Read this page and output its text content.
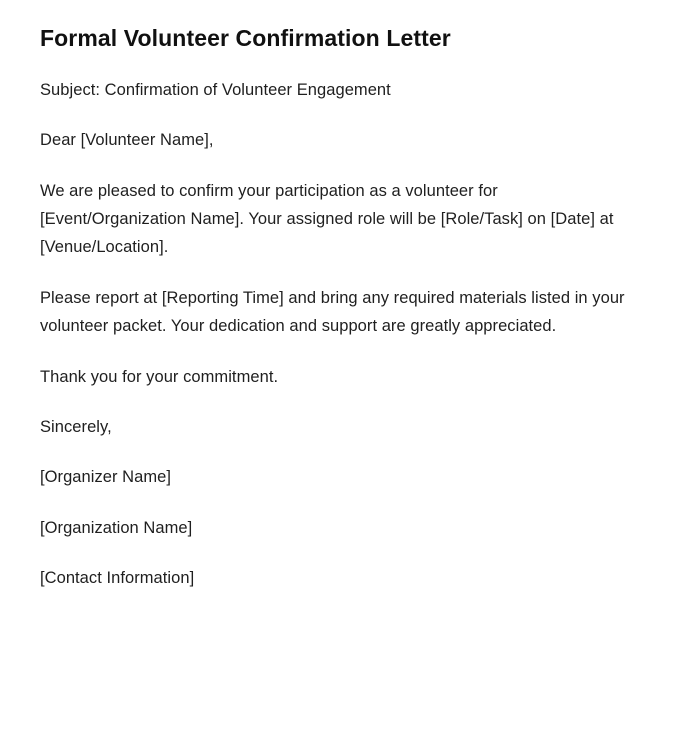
Formal Volunteer Confirmation Letter

Subject: Confirmation of Volunteer Engagement

Dear [Volunteer Name],

We are pleased to confirm your participation as a volunteer for [Event/Organization Name]. Your assigned role will be [Role/Task] on [Date] at [Venue/Location].

Please report at [Reporting Time] and bring any required materials listed in your volunteer packet. Your dedication and support are greatly appreciated.

Thank you for your commitment.

Sincerely,

[Organizer Name]

[Organization Name]

[Contact Information]
